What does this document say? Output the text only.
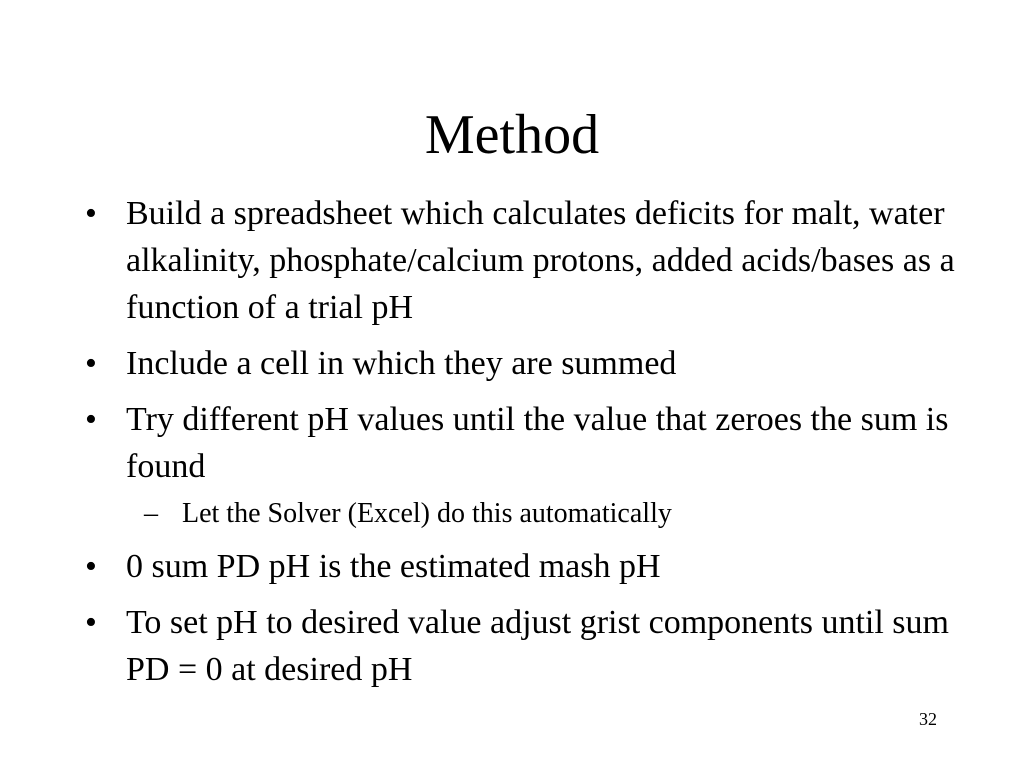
Method
• Build a spreadsheet which calculates deficits for malt, water alkalinity, phosphate/calcium protons, added acids/bases as a function of a trial pH
• Include a cell in which they are summed
• Try different pH values until the value that zeroes the sum is found
– Let the Solver (Excel) do this automatically
• 0 sum PD pH is the estimated mash pH
• To set pH to desired value adjust grist components until sum PD = 0 at desired pH
32
